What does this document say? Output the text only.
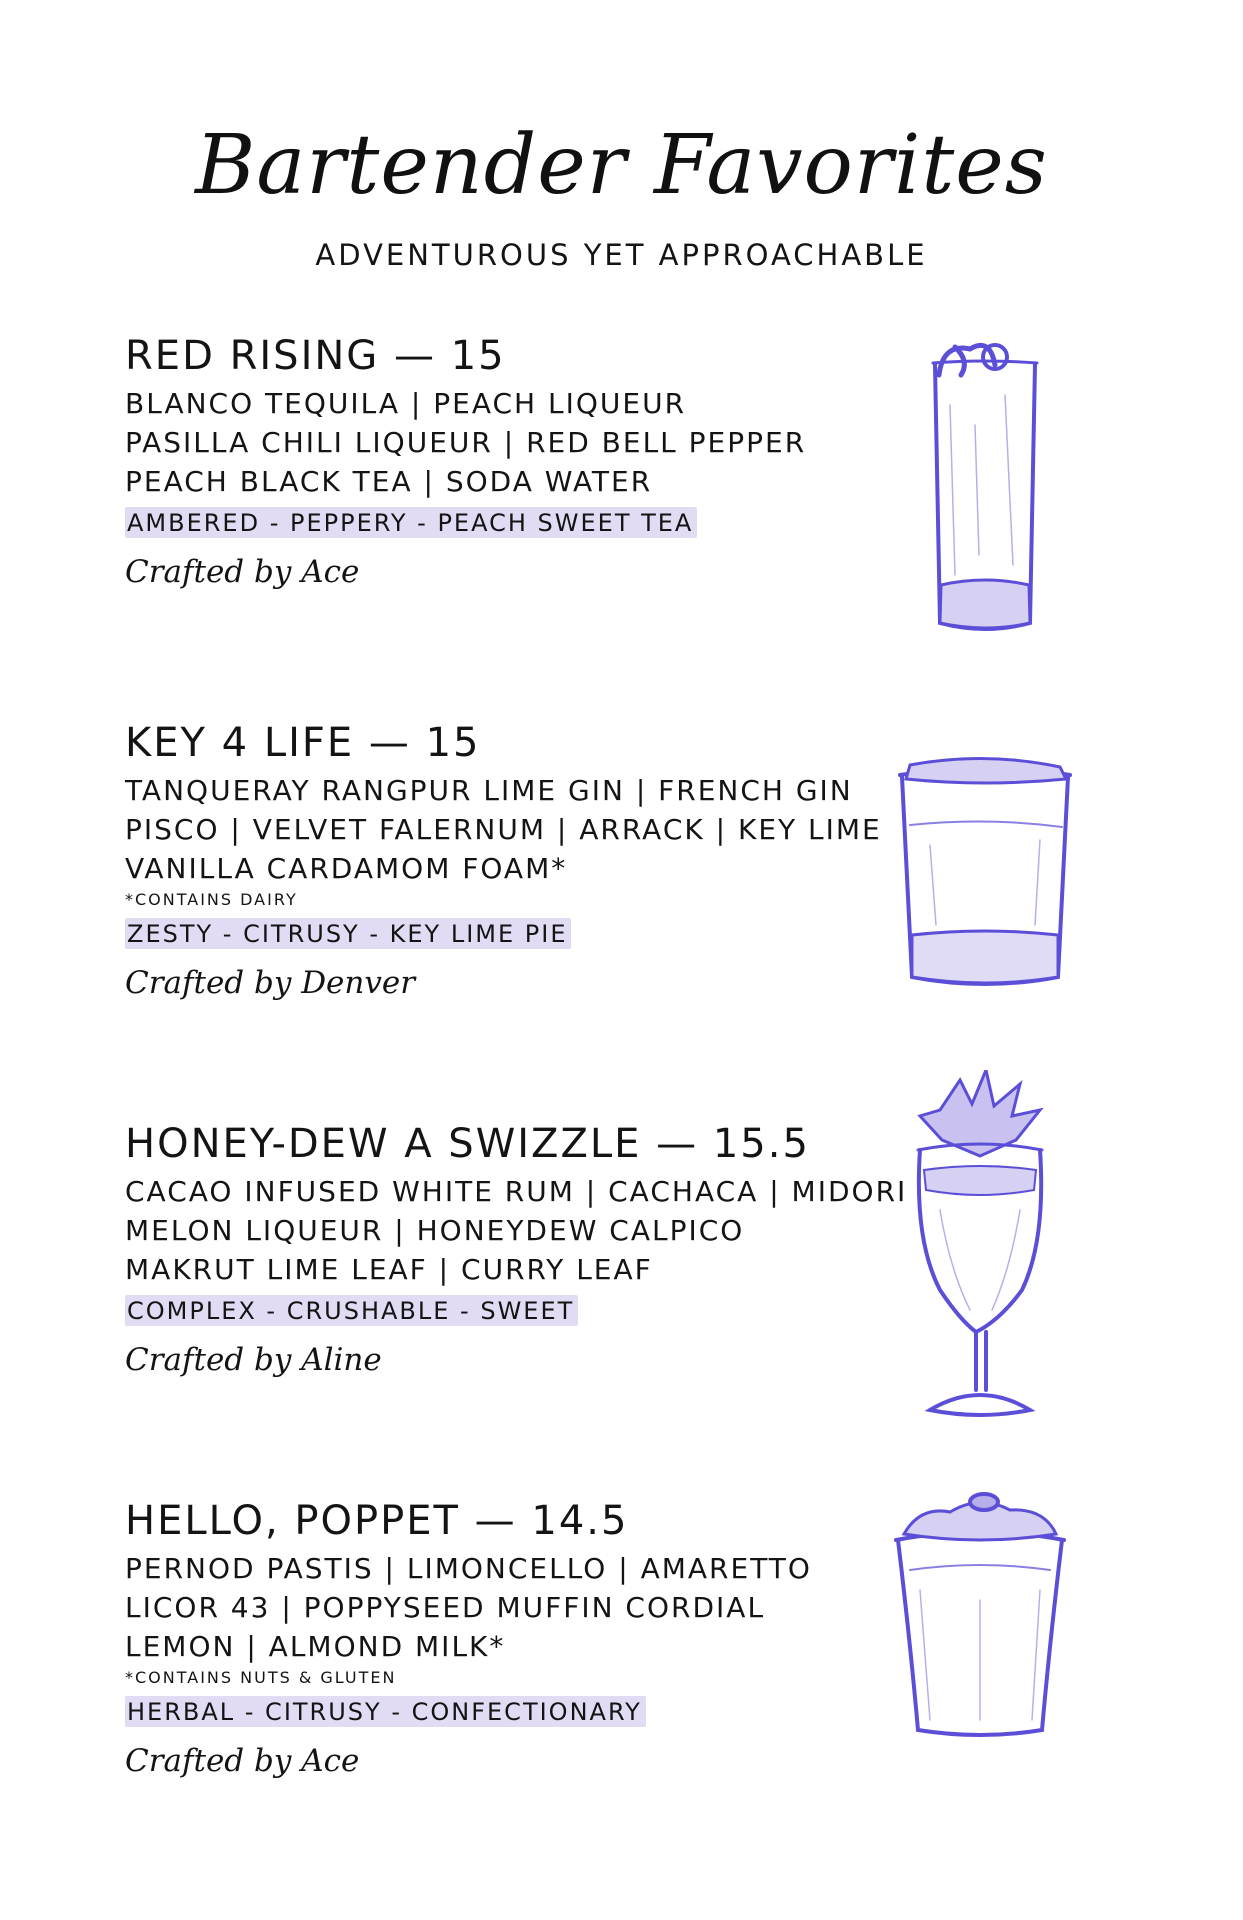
Bartender Favorites
ADVENTUROUS YET APPROACHABLE
RED RISING — 15
BLANCO TEQUILA | PEACH LIQUEUR
PASILLA CHILI LIQUEUR | RED BELL PEPPER
PEACH BLACK TEA | SODA WATER
AMBERED - PEPPERY - PEACH SWEET TEA
Crafted by Ace
KEY 4 LIFE — 15
TANQUERAY RANGPUR LIME GIN | FRENCH GIN
PISCO | VELVET FALERNUM | ARRACK | KEY LIME
VANILLA CARDAMOM FOAM*
*CONTAINS DAIRY
ZESTY - CITRUSY - KEY LIME PIE
Crafted by Denver
HONEY-DEW A SWIZZLE — 15.5
CACAO INFUSED WHITE RUM | CACHACA | MIDORI
MELON LIQUEUR | HONEYDEW CALPICO
MAKRUT LIME LEAF | CURRY LEAF
COMPLEX - CRUSHABLE - SWEET
Crafted by Aline
HELLO, POPPET — 14.5
PERNOD PASTIS | LIMONCELLO | AMARETTO
LICOR 43 | POPPYSEED MUFFIN CORDIAL
LEMON | ALMOND MILK*
*CONTAINS NUTS & GLUTEN
HERBAL - CITRUSY - CONFECTIONARY
Crafted by Ace
